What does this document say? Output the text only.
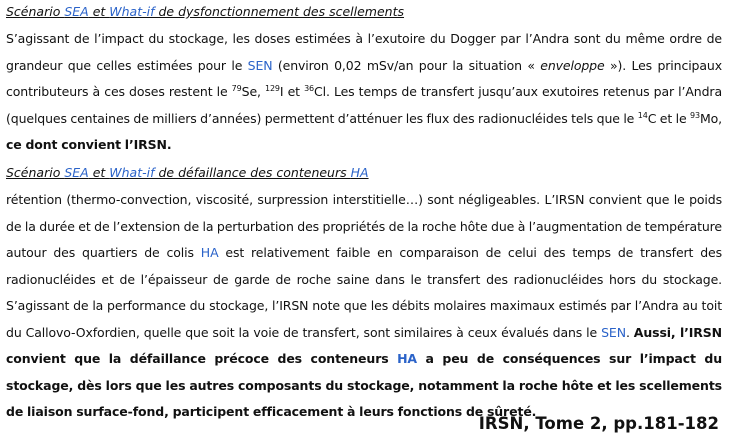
Scénario SEA et What-if de dysfonctionnement des scellements
S’agissant de l’impact du stockage, les doses estimées à l’exutoire du Dogger par l’Andra sont du même ordre de grandeur que celles estimées pour le SEN (environ 0,02 mSv/an pour la situation « enveloppe »). Les principaux contributeurs à ces doses restent le $^{79}$Se, $^{129}$I et $^{36}$Cl. Les temps de transfert jusqu’aux exutoires retenus par l’Andra (quelques centaines de milliers d’années) permettent d’atténuer les flux des radionucléides tels que le $^{14}$C et le $^{93}$Mo, ce dont convient l’IRSN.
Scénario SEA et What-if de défaillance des conteneurs HA
rétention (thermo-convection, viscosité, surpression interstitielle…) sont négligeables. L’IRSN convient que le poids de la durée et de l’extension de la perturbation des propriétés de la roche hôte due à l’augmentation de température autour des quartiers de colis HA est relativement faible en comparaison de celui des temps de transfert des radionucléides et de l’épaisseur de garde de roche saine dans le transfert des radionucléides hors du stockage. S’agissant de la performance du stockage, l’IRSN note que les débits molaires maximaux estimés par l’Andra au toit du Callovo-Oxfordien, quelle que soit la voie de transfert, sont similaires à ceux évalués dans le SEN. Aussi, l’IRSN convient que la défaillance précoce des conteneurs HA a peu de conséquences sur l’impact du stockage, dès lors que les autres composants du stockage, notamment la roche hôte et les scellements de liaison surface-fond, participent efficacement à leurs fonctions de sûreté.
IRSN, Tome 2, pp.181-182
